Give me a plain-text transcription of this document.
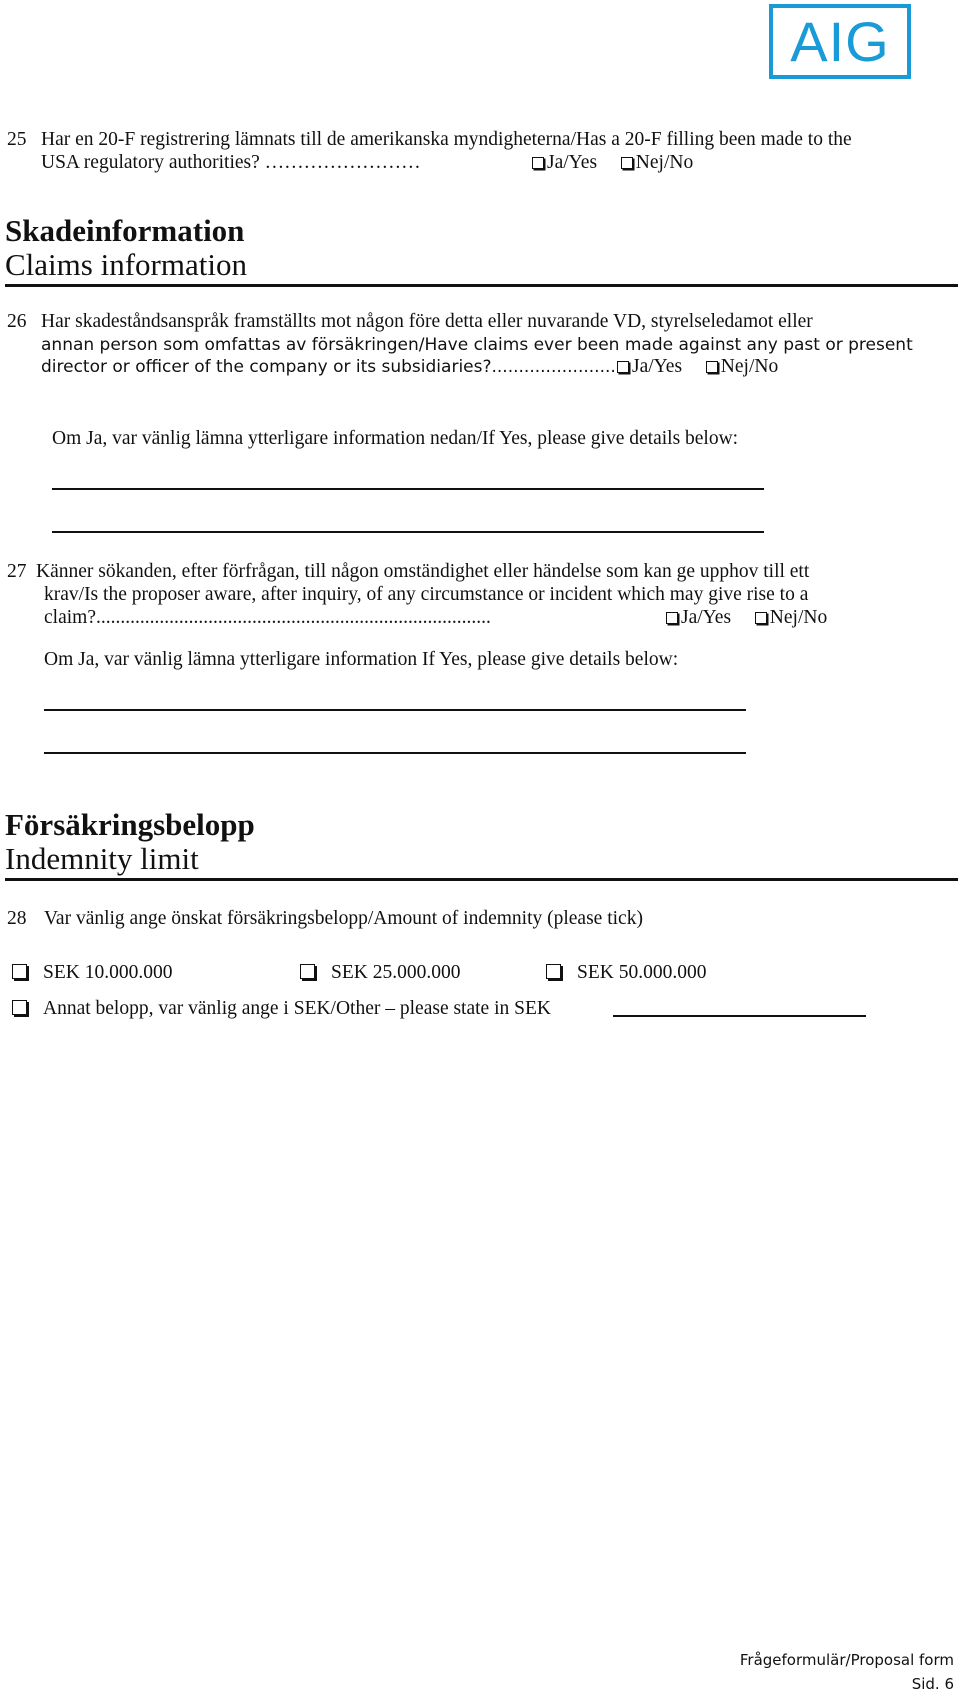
AIG
25 Har en 20-F registrering lämnats till de amerikanska myndigheterna/Has a 20-F filling been made to the
USA regulatory authorities? ……………………	Ja/Yes Nej/No
Skadeinformation
Claims information
26 Har skadeståndsanspråk framställts mot någon före detta eller nuvarande VD, styrelseledamot eller
annan person som omfattas av försäkringen/Have claims ever been made against any past or present
director or officer of the company or its subsidiaries?....................... Ja/Yes Nej/No
Om Ja, var vänlig lämna ytterligare information nedan/If Yes, please give details below:
27 Känner sökanden, efter förfrågan, till någon omständighet eller händelse som kan ge upphov till ett
krav/Is the proposer aware, after inquiry, of any circumstance or incident which may give rise to a
claim?.................................................................................	Ja/Yes Nej/No
Om Ja, var vänlig lämna ytterligare information If Yes, please give details below:
Försäkringsbelopp
Indemnity limit
28 Var vänlig ange önskat försäkringsbelopp/Amount of indemnity (please tick)
SEK 10.000.000	SEK 25.000.000	SEK 50.000.000
Annat belopp, var vänlig ange i SEK/Other – please state in SEK
Frågeformulär/Proposal form
Sid. 6
